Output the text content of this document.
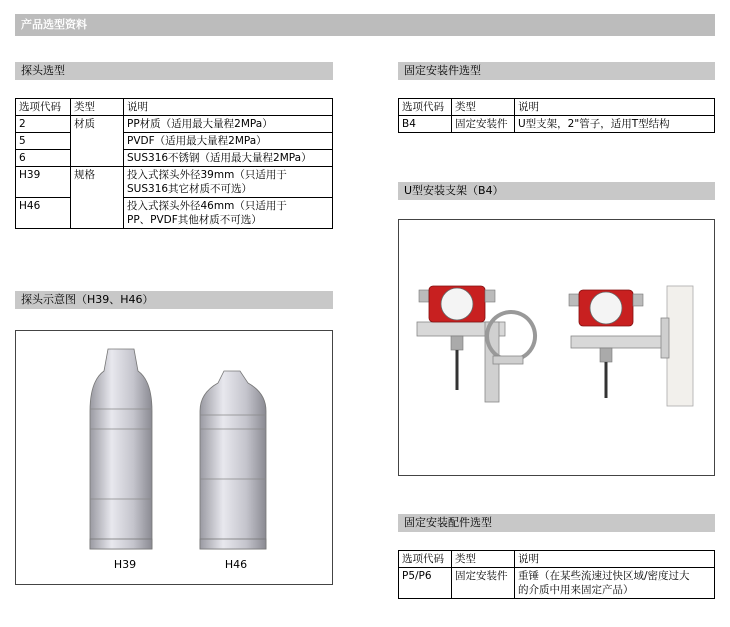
产品选型资料
探头选型
选项代码	类型	说明
2	材质	PP材质（适用最大量程2MPa）
5		PVDF（适用最大量程2MPa）
6		SUS316不锈钢（适用最大量程2MPa）
H39	规格	投入式探头外径39mm（只适用于
SUS316其它材质不可选）

H46		投入式探头外径46mm（只适用于
PP、PVDF其他材质不可选）
探头示意图（H39、H46）
H39	H46
固定安装件选型
选项代码	类型	说明
B4	固定安装件	U型支架，2"管子，适用T型结构
U型安装支架（B4）
固定安装配件选型
选项代码	类型	说明
P5/P6	固定安装件	重锤（在某些流速过快区域/密度过大
的介质中用来固定产品）
